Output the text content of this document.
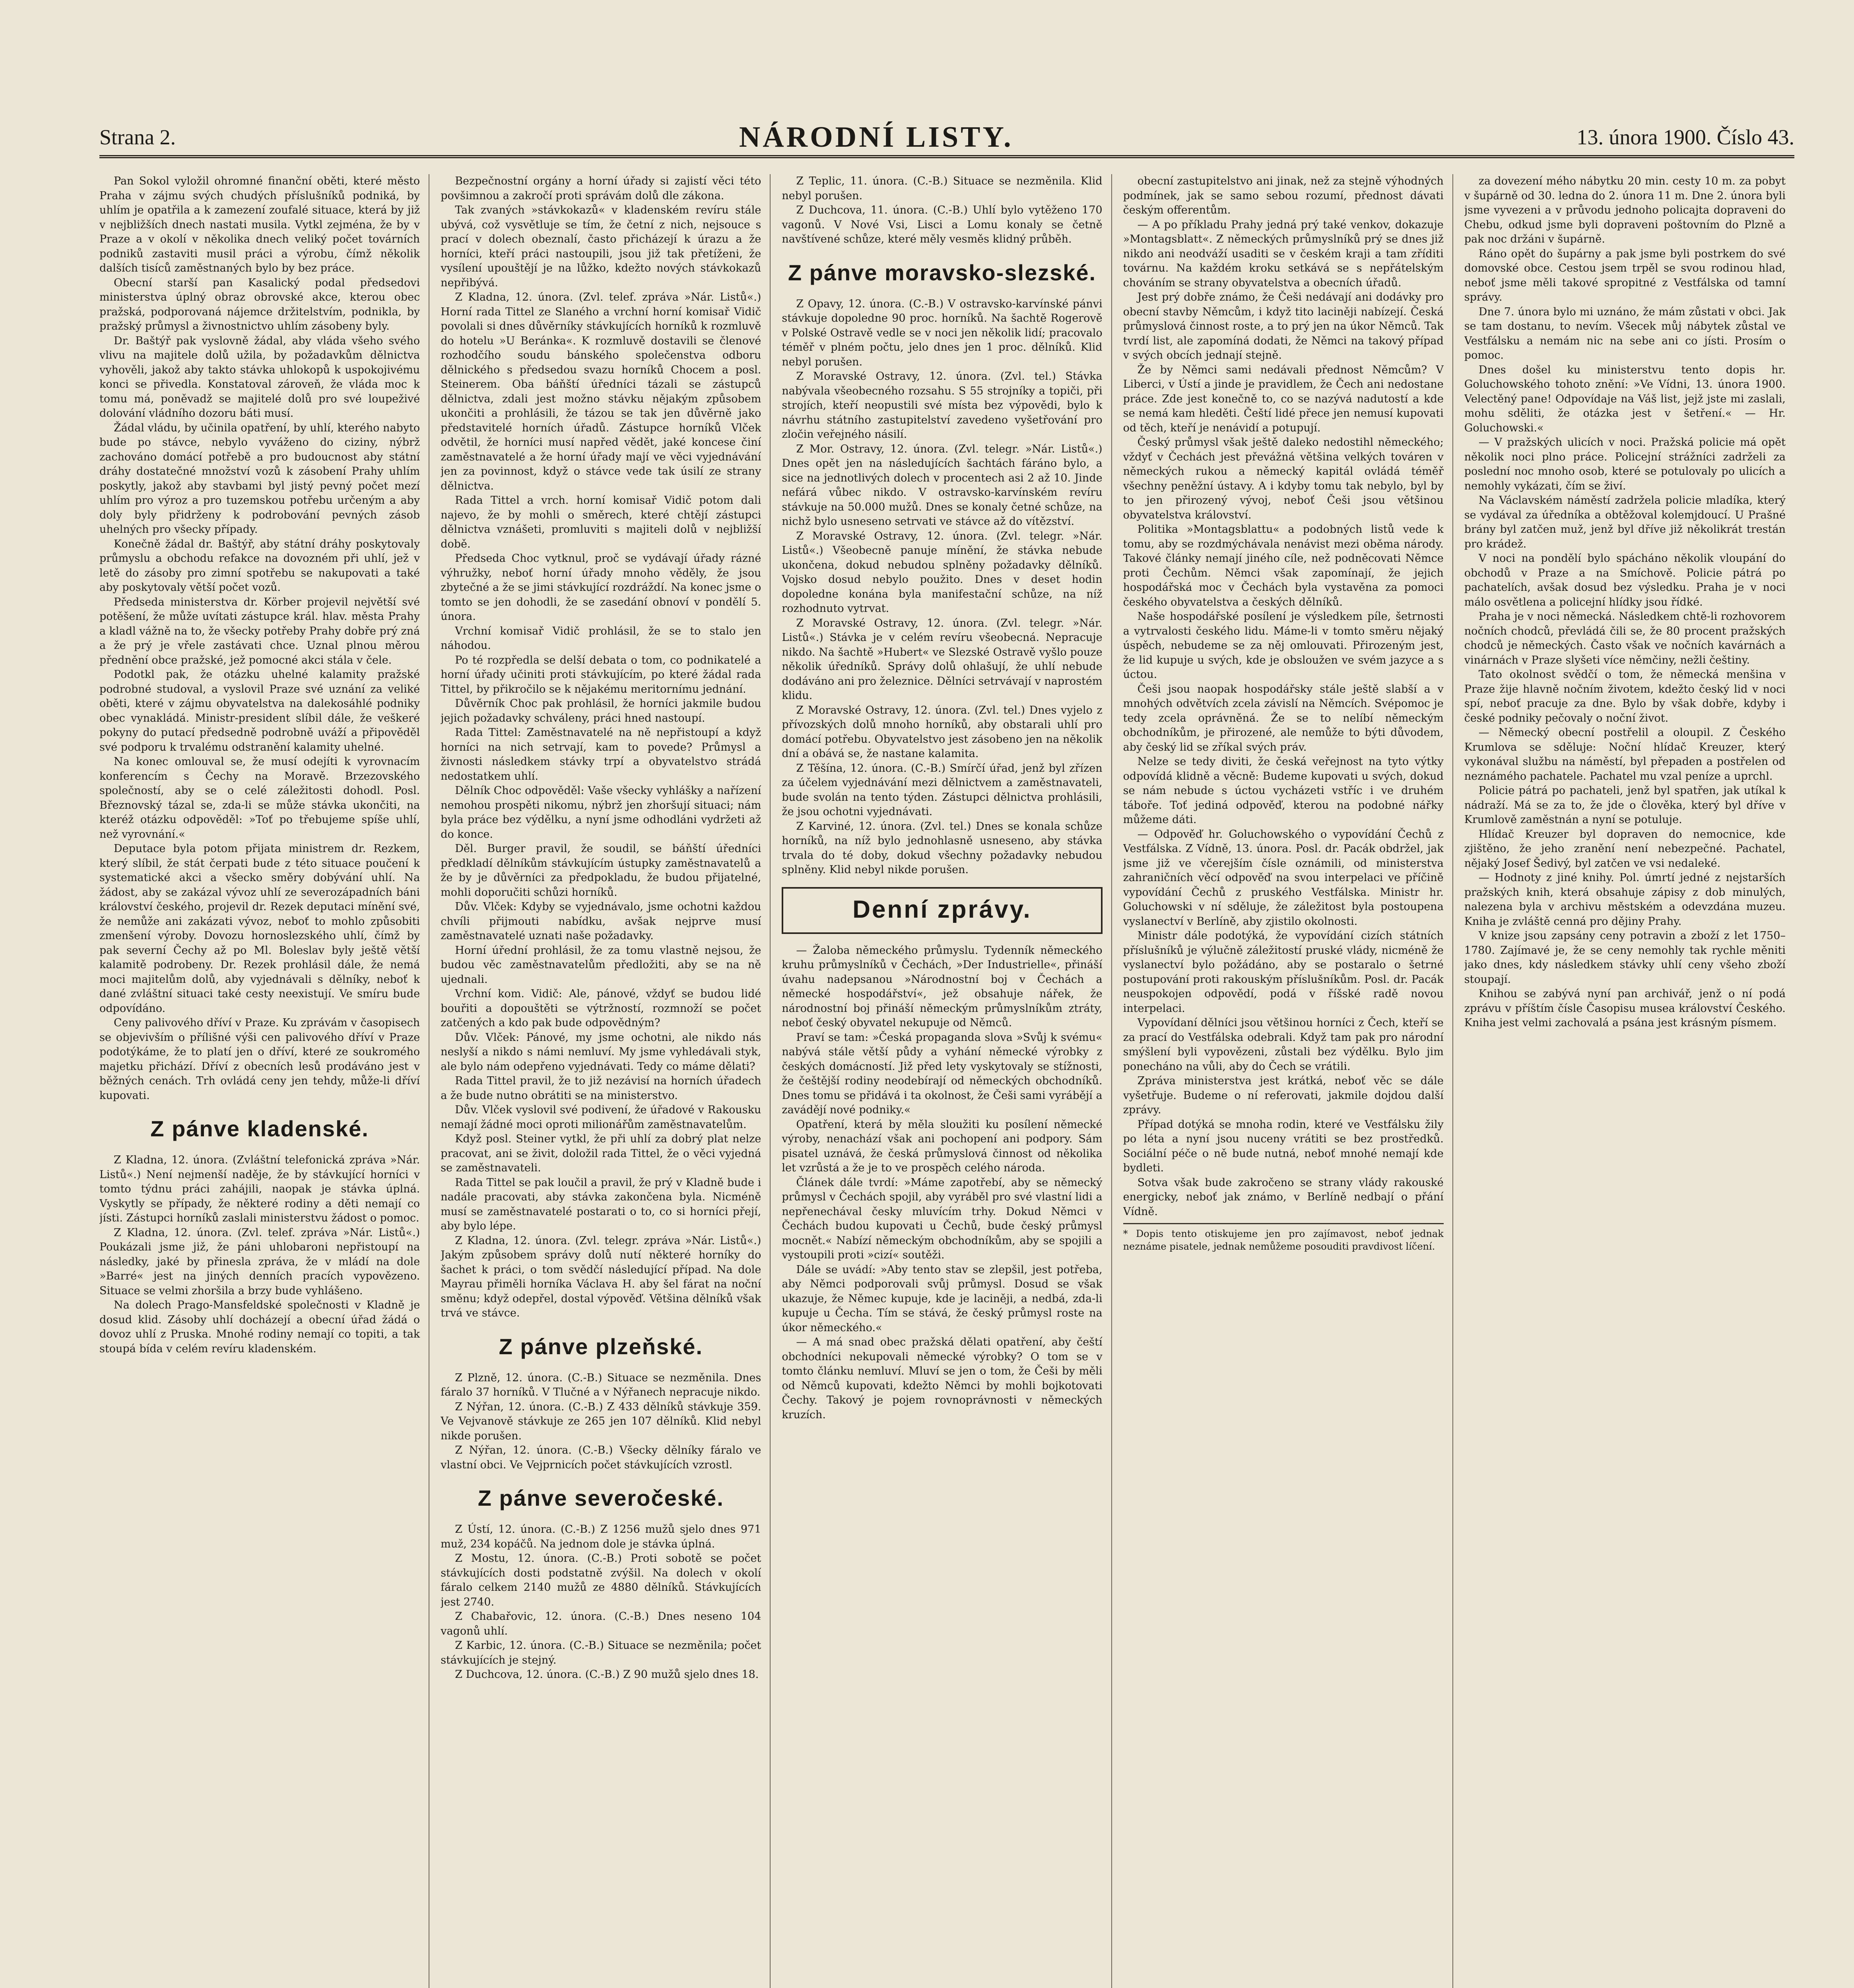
Strana 2.	NÁRODNÍ LISTY.	13. února 1900. Číslo 43.

Pan Sokol vyložil ohromné finanční oběti, které město Praha v zájmu svých chudých příslušníků podniká, by uhlím je opatřila a k zamezení zoufalé situace, která by již v nejbližších dnech nastati musila. Vytkl zejména, že by v Praze a v okolí v několika dnech veliký počet továrních podniků zastaviti musil práci a výrobu, čímž několik dalších tisíců zaměstnaných bylo by bez práce.

Obecní starší pan Kasalický podal předsedovi ministerstva úplný obraz obrovské akce, kterou obec pražská, podporovaná nájemce držitelstvím, podnikla, by pražský průmysl a živnostnictvo uhlím zásobeny byly.

Dr. Baštýř pak vyslovně žádal, aby vláda všeho svého vlivu na majitele dolů užila, by požadavkům dělnictva vyhověli, jakož aby takto stávka uhlokopů k uspokojivému konci se přivedla. Konstatoval zároveň, že vláda moc k tomu má, poněvadž se majitelé dolů pro své loupeživé dolování vládního dozoru báti musí.

Žádal vládu, by učinila opatření, by uhlí, kterého nabyto bude po stávce, nebylo vyváženo do ciziny, nýbrž zachováno domácí potřebě a pro budoucnost aby státní dráhy dostatečné množství vozů k zásobení Prahy uhlím poskytly, jakož aby stavbami byl jistý pevný počet mezí uhlím pro výroz a pro tuzemskou potřebu určeným a aby doly byly přidrženy k podrobování pevných zásob uhelných pro všecky případy.

Konečně žádal dr. Baštýř, aby státní dráhy poskytovaly průmyslu a obchodu refakce na dovozném při uhlí, jež v letě do zásoby pro zimní spotřebu se nakupovati a také aby poskytovaly větší počet vozů.

Předseda ministerstva dr. Körber projevil největší své potěšení, že může uvítati zástupce král. hlav. města Prahy a kladl vážně na to, že všecky potřeby Prahy dobře prý zná a že prý je vřele zastávati chce. Uznal plnou měrou přednění obce pražské, jež pomocné akci stála v čele.

Podotkl pak, že otázku uhelné kalamity pražské podrobné studoval, a vyslovil Praze své uznání za veliké oběti, které v zájmu obyvatelstva na dalekosáhlé podniky obec vynakládá. Ministr-president slíbil dále, že veškeré pokyny do putací předsedně podrobně uváží a připověděl své podporu k trvalému odstranění kalamity uhelné.

Na konec omlouval se, že musí odejíti k vyrovnacím konferencím s Čechy na Moravě. Brzezovského společností, aby se o celé záležitosti dohodl. Posl. Březnovský tázal se, zda-li se může stávka ukončiti, na kteréž otázku odpověděl: »Toť po třebujeme spíše uhlí, než vyrovnání.«

Deputace byla potom přijata ministrem dr. Rezkem, který slíbil, že stát čerpati bude z této situace poučení k systematické akci a všecko směry dobývání uhlí. Na žádost, aby se zakázal vývoz uhlí ze severozápadních báni království českého, projevil dr. Rezek deputaci mínění své, že nemůže ani zakázati vývoz, neboť to mohlo způsobiti zmenšení výroby. Dovozu hornoslezského uhlí, čímž by pak severní Čechy až po Ml. Boleslav byly ještě větší kalamitě podrobeny. Dr. Rezek prohlásil dále, že nemá moci majitelům dolů, aby vyjednávali s dělníky, neboť k dané zvláštní situaci také cesty neexistují. Ve smíru bude odpovídáno.

Ceny palivového dříví v Praze. Ku zprávám v časopisech se objevivším o přílišné výši cen palivového dříví v Praze podotýkáme, že to platí jen o dříví, které ze soukromého majetku přichází. Dříví z obecních lesů prodáváno jest v běžných cenách. Trh ovládá ceny jen tehdy, může-li dříví kupovati.

Z pánve kladenské.

Z Kladna, 12. února. (Zvláštní telefonická zpráva »Nár. Listů«.) Není nejmenší naděje, že by stávkující horníci v tomto týdnu práci zahájili, naopak je stávka úplná. Vyskytly se případy, že některé rodiny a děti nemají co jísti. Zástupci horníků zaslali ministerstvu žádost o pomoc.

Z Kladna, 12. února. (Zvl. telef. zpráva »Nár. Listů«.) Poukázali jsme již, že páni uhlobaroni nepřistoupí na následky, jaké by přinesla zpráva, že v mládí na dole »Barré« jest na jiných denních pracích vypovězeno. Situace se velmi zhoršila a brzy bude vyhlášeno.

Na dolech Prago-Mansfeldské společnosti v Kladně je dosud klid. Zásoby uhlí docházejí a obecní úřad žádá o dovoz uhlí z Pruska. Mnohé rodiny nemají co topiti, a tak stoupá bída v celém revíru kladenském.

Bezpečnostní orgány a horní úřady si zajistí věci této povšimnou a zakročí proti správám dolů dle zákona.

Tak zvaných »stávkokazů« v kladenském revíru stále ubývá, což vysvětluje se tím, že četní z nich, nejsouce s prací v dolech obeznalí, často přicházejí k úrazu a že horníci, kteří práci nastoupili, jsou již tak přetíženi, že vysílení upouštějí je na lůžko, kdežto nových stávkokazů nepřibývá.

Z Kladna, 12. února. (Zvl. telef. zpráva »Nár. Listů«.) Horní rada Tittel ze Slaného a vrchní horní komisař Vidič povolali si dnes důvěrníky stávkujících horníků k rozmluvě do hotelu »U Beránka«. K rozmluvě dostavili se členové rozhodčího soudu bánského společenstva odboru dělnického s předsedou svazu horníků Chocem a posl. Steinerem. Oba báňští úředníci tázali se zástupců dělnictva, zdali jest možno stávku nějakým způsobem ukončiti a prohlásili, že tázou se tak jen důvěrně jako představitelé horních úřadů. Zástupce horníků Vlček odvětil, že horníci musí napřed vědět, jaké koncese činí zaměstnavatelé a že horní úřady mají ve věci vyjednávání jen za povinnost, když o stávce vede tak úsilí ze strany dělnictva.

Rada Tittel a vrch. horní komisař Vidič potom dali najevo, že by mohli o směrech, které chtějí zástupci dělnictva vznášeti, promluviti s majiteli dolů v nejbližší době.

Předseda Choc vytknul, proč se vydávají úřady rázné výhružky, neboť horní úřady mnoho věděly, že jsou zbytečné a že se jimi stávkující rozdráždí. Na konec jsme o tomto se jen dohodli, že se zasedání obnoví v pondělí 5. února.

Vrchní komisař Vidič prohlásil, že se to stalo jen náhodou.

Po té rozpředla se delší debata o tom, co podnikatelé a horní úřady učiniti proti stávkujícím, po které žádal rada Tittel, by přikročilo se k nějakému meritornímu jednání.

Důvěrník Choc pak prohlásil, že horníci jakmile budou jejich požadavky schváleny, práci hned nastoupí.

Rada Tittel: Zaměstnavatelé na ně nepřistoupí a když horníci na nich setrvají, kam to povede? Průmysl a živnosti následkem stávky trpí a obyvatelstvo strádá nedostatkem uhlí.

Dělník Choc odpověděl: Vaše všecky vyhlášky a nařízení nemohou prospěti nikomu, nýbrž jen zhoršují situaci; nám byla práce bez výdělku, a nyní jsme odhodláni vydržeti až do konce.

Děl. Burger pravil, že soudil, se báňští úředníci předkladí dělníkům stávkujícím ústupky zaměstnavatelů a že by je důvěrníci za předpokladu, že budou přijatelné, mohli doporučiti schůzi horníků.

Dův. Vlček: Kdyby se vyjednávalo, jsme ochotni každou chvíli přijmouti nabídku, avšak nejprve musí zaměstnavatelé uznati naše požadavky.

Horní úřední prohlásil, že za tomu vlastně nejsou, že budou věc zaměstnavatelům předložiti, aby se na ně ujednali.

Vrchní kom. Vidič: Ale, pánové, vždyť se budou lidé bouřiti a dopouštěti se výtržností, rozmnoží se počet zatčených a kdo pak bude odpovědným?

Dův. Vlček: Pánové, my jsme ochotni, ale nikdo nás neslyší a nikdo s námi nemluví. My jsme vyhledávali styk, ale bylo nám odepřeno vyjednávati. Tedy co máme dělati?

Rada Tittel pravil, že to již nezávisí na horních úřadech a že bude nutno obrátiti se na ministerstvo.

Dův. Vlček vyslovil své podivení, že úřadové v Rakousku nemají žádné moci oproti milionářům zaměstnavatelům.

Když posl. Steiner vytkl, že při uhlí za dobrý plat nelze pracovat, ani se živit, doložil rada Tittel, že o věci vyjedná se zaměstnavateli.

Rada Tittel se pak loučil a pravil, že prý v Kladně bude i nadále pracovati, aby stávka zakončena byla. Nicméně musí se zaměstnavatelé postarati o to, co si horníci přejí, aby bylo lépe.

Z Kladna, 12. února. (Zvl. telegr. zpráva »Nár. Listů«.) Jakým způsobem správy dolů nutí některé horníky do šachet k práci, o tom svědčí následující případ. Na dole Mayrau přiměli horníka Václava H. aby šel fárat na noční směnu; když odepřel, dostal výpověď. Většina dělníků však trvá ve stávce.

Z pánve plzeňské.

Z Plzně, 12. února. (C.-B.) Situace se nezměnila. Dnes fáralo 37 horníků. V Tlučné a v Nýřanech nepracuje nikdo.

Z Nýřan, 12. února. (C.-B.) Z 433 dělníků stávkuje 359. Ve Vejvanově stávkuje ze 265 jen 107 dělníků. Klid nebyl nikde porušen.

Z Nýřan, 12. února. (C.-B.) Všecky dělníky fáralo ve vlastní obci. Ve Vejprnicích počet stávkujících vzrostl.

Z pánve severočeské.

Z Ústí, 12. února. (C.-B.) Z 1256 mužů sjelo dnes 971 muž, 234 kopáčů. Na jednom dole je stávka úplná.

Z Mostu, 12. února. (C.-B.) Proti sobotě se počet stávkujících dosti podstatně zvýšil. Na dolech v okolí fáralo celkem 2140 mužů ze 4880 dělníků. Stávkujících jest 2740.

Z Chabařovic, 12. února. (C.-B.) Dnes neseno 104 vagonů uhlí.

Z Karbic, 12. února. (C.-B.) Situace se nezměnila; počet stávkujících je stejný.

Z Duchcova, 12. února. (C.-B.) Z 90 mužů sjelo dnes 18.

Z Teplic, 11. února. (C.-B.) Situace se nezměnila. Klid nebyl porušen.

Z Duchcova, 11. února. (C.-B.) Uhlí bylo vytěženo 170 vagonů. V Nové Vsi, Lisci a Lomu konaly se četně navštívené schůze, které měly vesměs klidný průběh.

Z pánve moravsko-slezské.

Z Opavy, 12. února. (C.-B.) V ostravsko-karvínské pánvi stávkuje dopoledne 90 proc. horníků. Na šachtě Rogerově v Polské Ostravě vedle se v noci jen několik lidí; pracovalo téměř v plném počtu, jelo dnes jen 1 proc. dělníků. Klid nebyl porušen.

Z Moravské Ostravy, 12. února. (Zvl. tel.) Stávka nabývala všeobecného rozsahu. S 55 strojníky a topiči, při strojích, kteří neopustili své místa bez výpovědi, bylo k návrhu státního zastupitelství zavedeno vyšetřování pro zločin veřejného násilí.

Z Mor. Ostravy, 12. února. (Zvl. telegr. »Nár. Listů«.) Dnes opět jen na následujících šachtách fáráno bylo, a sice na jednotlivých dolech v procentech asi 2 až 10. Jinde nefárá vůbec nikdo. V ostravsko-karvínském revíru stávkuje na 50.000 mužů. Dnes se konaly četné schůze, na nichž bylo usneseno setrvati ve stávce až do vítězství.

Z Moravské Ostravy, 12. února. (Zvl. telegr. »Nár. Listů«.) Všeobecně panuje mínění, že stávka nebude ukončena, dokud nebudou splněny požadavky dělníků. Vojsko dosud nebylo použito. Dnes v deset hodin dopoledne konána byla manifestační schůze, na níž rozhodnuto vytrvat.

Z Moravské Ostravy, 12. února. (Zvl. telegr. »Nár. Listů«.) Stávka je v celém revíru všeobecná. Nepracuje nikdo. Na šachtě »Hubert« ve Slezské Ostravě vyšlo pouze několik úředníků. Správy dolů ohlašují, že uhlí nebude dodáváno ani pro železnice. Dělníci setrvávají v naprostém klidu.

Z Moravské Ostravy, 12. února. (Zvl. tel.) Dnes vyjelo z přívozských dolů mnoho horníků, aby obstarali uhlí pro domácí potřebu. Obyvatelstvo jest zásobeno jen na několik dní a obává se, že nastane kalamita.

Z Těšína, 12. února. (C.-B.) Smírčí úřad, jenž byl zřízen za účelem vyjednávání mezi dělnictvem a zaměstnavateli, bude svolán na tento týden. Zástupci dělnictva prohlásili, že jsou ochotni vyjednávati.

Z Karviné, 12. února. (Zvl. tel.) Dnes se konala schůze horníků, na níž bylo jednohlasně usneseno, aby stávka trvala do té doby, dokud všechny požadavky nebudou splněny. Klid nebyl nikde porušen.

Denní zprávy.

— Žaloba německého průmyslu. Tydenník německého kruhu průmyslníků v Čechách, »Der Industrielle«, přináší úvahu nadepsanou »Národnostní boj v Čechách a německé hospodářství«, jež obsahuje nářek, že národnostní boj přináší německým průmyslníkům ztráty, neboť český obyvatel nekupuje od Němců.

Praví se tam: »Česká propaganda slova »Svůj k svému« nabývá stále větší půdy a vyhání německé výrobky z českých domácností. Již před lety vyskytovaly se stížnosti, že češtější rodiny neodebírají od německých obchodníků. Dnes tomu se přidává i ta okolnost, že Češi sami vyrábějí a zavádějí nové podniky.«

Opatření, která by měla sloužiti ku posílení německé výroby, nenachází však ani pochopení ani podpory. Sám pisatel uznává, že česká průmyslová činnost od několika let vzrůstá a že je to ve prospěch celého národa.

Článek dále tvrdí: »Máme zapotřebí, aby se německý průmysl v Čechách spojil, aby vyráběl pro své vlastní lidi a nepřenechával česky mluvícím trhy. Dokud Němci v Čechách budou kupovati u Čechů, bude český průmysl mocnět.« Nabízí německým obchodníkům, aby se spojili a vystoupili proti »cizí« soutěži.

Dále se uvádí: »Aby tento stav se zlepšil, jest potřeba, aby Němci podporovali svůj průmysl. Dosud se však ukazuje, že Němec kupuje, kde je laciněji, a nedbá, zda-li kupuje u Čecha. Tím se stává, že český průmysl roste na úkor německého.«

— A má snad obec pražská dělati opatření, aby čeští obchodníci nekupovali německé výrobky? O tom se v tomto článku nemluví. Mluví se jen o tom, že Češi by měli od Němců kupovati, kdežto Němci by mohli bojkotovati Čechy. Takový je pojem rovnoprávnosti v německých kruzích.

obecní zastupitelstvo ani jinak, než za stejně výhodných podmínek, jak se samo sebou rozumí, přednost dávati českým offerentům.

— A po příkladu Prahy jedná prý také venkov, dokazuje »Montagsblatt«. Z německých průmyslníků prý se dnes již nikdo ani neodváží usaditi se v českém kraji a tam zříditi továrnu. Na každém kroku setkává se s nepřátelským chováním se strany obyvatelstva a obecních úřadů.

Jest prý dobře známo, že Češi nedávají ani dodávky pro obecní stavby Němcům, i když tito laciněji nabízejí. Česká průmyslová činnost roste, a to prý jen na úkor Němců. Tak tvrdí list, ale zapomíná dodati, že Němci na takový případ v svých obcích jednají stejně.

Že by Němci sami nedávali přednost Němcům? V Liberci, v Ústí a jinde je pravidlem, že Čech ani nedostane práce. Zde jest konečně to, co se nazývá nadutostí a kde se nemá kam hleděti. Čeští lidé přece jen nemusí kupovati od těch, kteří je nenávidí a potupují.

Český průmysl však ještě daleko nedostihl německého; vždyť v Čechách jest převážná většina velkých továren v německých rukou a německý kapitál ovládá téměř všechny peněžní ústavy. A i kdyby tomu tak nebylo, byl by to jen přirozený vývoj, neboť Češi jsou většinou obyvatelstva království.

Politika »Montagsblattu« a podobných listů vede k tomu, aby se rozdmýchávala nenávist mezi oběma národy. Takové články nemají jiného cíle, než podněcovati Němce proti Čechům. Němci však zapomínají, že jejich hospodářská moc v Čechách byla vystavěna za pomoci českého obyvatelstva a českých dělníků.

Naše hospodářské posílení je výsledkem píle, šetrnosti a vytrvalosti českého lidu. Máme-li v tomto směru nějaký úspěch, nebudeme se za něj omlouvati. Přirozeným jest, že lid kupuje u svých, kde je obsloužen ve svém jazyce a s úctou.

Češi jsou naopak hospodářsky stále ještě slabší a v mnohých odvětvích zcela závislí na Němcích. Svépomoc je tedy zcela oprávněná. Že se to nelíbí německým obchodníkům, je přirozené, ale nemůže to býti důvodem, aby český lid se zříkal svých práv.

Nelze se tedy diviti, že česká veřejnost na tyto výtky odpovídá klidně a věcně: Budeme kupovati u svých, dokud se nám nebude s úctou vycházeti vstříc i ve druhém táboře. Toť jediná odpověď, kterou na podobné nářky můžeme dáti.

— Odpověď hr. Goluchowského o vypovídání Čechů z Vestfálska. Z Vídně, 13. února. Posl. dr. Pacák obdržel, jak jsme již ve včerejším čísle oznámili, od ministerstva zahraničních věcí odpověď na svou interpelaci ve příčině vypovídání Čechů z pruského Vestfálska. Ministr hr. Goluchowski v ní sděluje, že záležitost byla postoupena vyslanectví v Berlíně, aby zjistilo okolnosti.

Ministr dále podotýká, že vypovídání cizích státních příslušníků je výlučně záležitostí pruské vlády, nicméně že vyslanectví bylo požádáno, aby se postaralo o šetrné postupování proti rakouským příslušníkům. Posl. dr. Pacák neuspokojen odpovědí, podá v říšské radě novou interpelaci.

Vypovídaní dělníci jsou většinou horníci z Čech, kteří se za prací do Vestfálska odebrali. Když tam pak pro národní smýšlení byli vypovězeni, zůstali bez výdělku. Bylo jim ponecháno na vůli, aby do Čech se vrátili.

Zpráva ministerstva jest krátká, neboť věc se dále vyšetřuje. Budeme o ní referovati, jakmile dojdou další zprávy.

Případ dotýká se mnoha rodin, které ve Vestfálsku žily po léta a nyní jsou nuceny vrátiti se bez prostředků. Sociální péče o ně bude nutná, neboť mnohé nemají kde bydleti.

Sotva však bude zakročeno se strany vlády rakouské energicky, neboť jak známo, v Berlíně nedbají o přání Vídně.

* Dopis tento otiskujeme jen pro zajímavost, neboť jednak neznáme pisatele, jednak nemůžeme posouditi pravdivost líčení.

za dovezení mého nábytku 20 min. cesty 10 m. za pobyt v šupárně od 30. ledna do 2. února 11 m. Dne 2. února byli jsme vyvezeni a v průvodu jednoho policajta dopraveni do Chebu, odkud jsme byli dopraveni poštovním do Plzně a pak noc držáni v šupárně.

Ráno opět do šupárny a pak jsme byli postrkem do své domovské obce. Cestou jsem trpěl se svou rodinou hlad, neboť jsme měli takové spropitné z Vestfálska od tamní správy.

Dne 7. února bylo mi uznáno, že mám zůstati v obci. Jak se tam dostanu, to nevím. Všecek můj nábytek zůstal ve Vestfálsku a nemám nic na sebe ani co jísti. Prosím o pomoc.

Dnes došel ku ministerstvu tento dopis hr. Goluchowského tohoto znění: »Ve Vídni, 13. února 1900. Velectěný pane! Odpovídaje na Váš list, jejž jste mi zaslali, mohu sděliti, že otázka jest v šetření.« — Hr. Goluchowski.«

— V pražských ulicích v noci. Pražská policie má opět několik noci plno práce. Policejní strážníci zadrželi za poslední noc mnoho osob, které se potulovaly po ulicích a nemohly vykázati, čím se živí.

Na Václavském náměstí zadržela policie mladíka, který se vydával za úředníka a obtěžoval kolemjdoucí. U Prašné brány byl zatčen muž, jenž byl dříve již několikrát trestán pro krádež.

V noci na pondělí bylo spácháno několik vloupání do obchodů v Praze a na Smíchově. Policie pátrá po pachatelích, avšak dosud bez výsledku. Praha je v noci málo osvětlena a policejní hlídky jsou řídké.

Praha je v noci německá. Následkem chtě-li rozhovorem nočních chodců, převládá čili se, že 80 procent pražských chodců je německých. Často však ve nočních kavárnách a vinárnách v Praze slyšeti více němčiny, nežli češtiny.

Tato okolnost svědčí o tom, že německá menšina v Praze žije hlavně nočním životem, kdežto český lid v noci spí, neboť pracuje za dne. Bylo by však dobře, kdyby i české podniky pečovaly o noční život.

— Německý obecní postřelil a oloupil. Z Českého Krumlova se sděluje: Noční hlídač Kreuzer, který vykonával službu na náměstí, byl přepaden a postřelen od neznámého pachatele. Pachatel mu vzal peníze a uprchl.

Policie pátrá po pachateli, jenž byl spatřen, jak utíkal k nádraží. Má se za to, že jde o člověka, který byl dříve v Krumlově zaměstnán a nyní se potuluje.

Hlídač Kreuzer byl dopraven do nemocnice, kde zjištěno, že jeho zranění není nebezpečné. Pachatel, nějaký Josef Šedivý, byl zatčen ve vsi nedaleké.

— Hodnoty z jiné knihy. Pol. úmrtí jedné z nejstarších pražských knih, která obsahuje zápisy z dob minulých, nalezena byla v archivu městském a odevzdána muzeu. Kniha je zvláště cenná pro dějiny Prahy.

V knize jsou zapsány ceny potravin a zboží z let 1750–1780. Zajímavé je, že se ceny nemohly tak rychle měniti jako dnes, kdy následkem stávky uhlí ceny všeho zboží stoupají.

Knihou se zabývá nyní pan archivář, jenž o ní podá zprávu v příštím čísle Časopisu musea království Českého. Kniha jest velmi zachovalá a psána jest krásným písmem.
